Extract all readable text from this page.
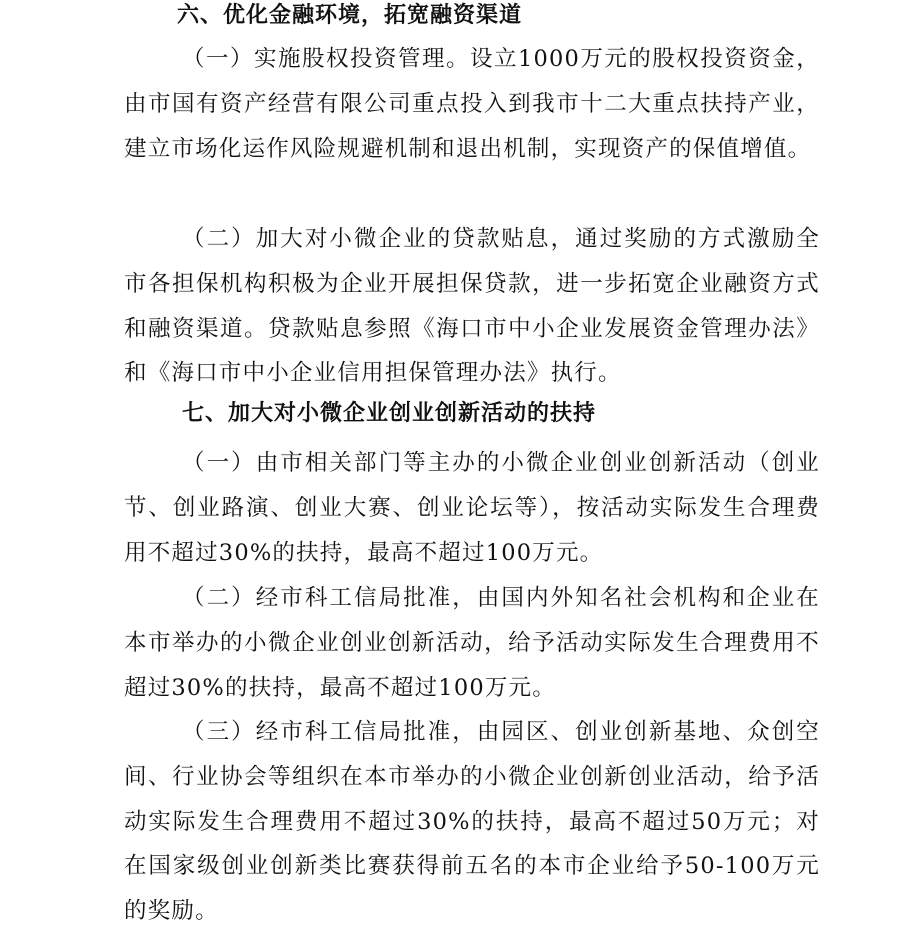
六、优化金融环境，拓宽融资渠道

（一）实施股权投资管理。设立1000万元的股权投资资金，由市国有资产经营有限公司重点投入到我市十二大重点扶持产业，建立市场化运作风险规避机制和退出机制，实现资产的保值增值。

（二）加大对小微企业的贷款贴息，通过奖励的方式激励全市各担保机构积极为企业开展担保贷款，进一步拓宽企业融资方式和融资渠道。贷款贴息参照《海口市中小企业发展资金管理办法》和《海口市中小企业信用担保管理办法》执行。

七、加大对小微企业创业创新活动的扶持

（一）由市相关部门等主办的小微企业创业创新活动（创业节、创业路演、创业大赛、创业论坛等），按活动实际发生合理费用不超过30%的扶持，最高不超过100万元。

（二）经市科工信局批准，由国内外知名社会机构和企业在本市举办的小微企业创业创新活动，给予活动实际发生合理费用不超过30%的扶持，最高不超过100万元。

（三）经市科工信局批准，由园区、创业创新基地、众创空间、行业协会等组织在本市举办的小微企业创新创业活动，给予活动实际发生合理费用不超过30%的扶持，最高不超过50万元；对在国家级创业创新类比赛获得前五名的本市企业给予50-100万元的奖励。
